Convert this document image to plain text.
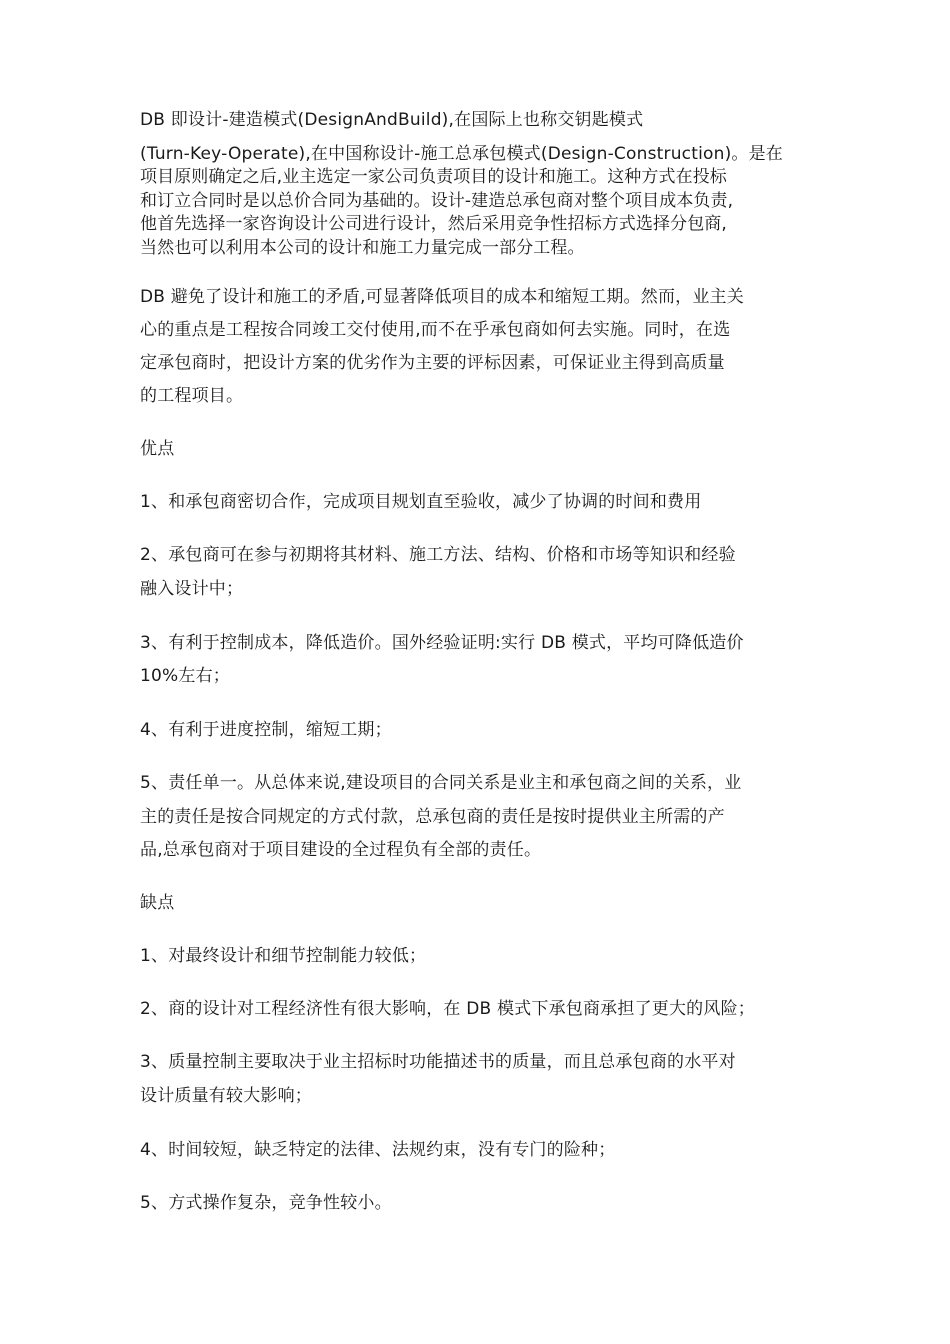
DB 即设计-建造模式(DesignAndBuild),在国际上也称交钥匙模式

(Turn-Key-Operate),在中国称设计-施工总承包模式(Design-Construction)。是在

项目原则确定之后,业主选定一家公司负责项目的设计和施工。这种方式在投标

和订立合同时是以总价合同为基础的。设计-建造总承包商对整个项目成本负责,

他首先选择一家咨询设计公司进行设计，然后采用竞争性招标方式选择分包商,

当然也可以利用本公司的设计和施工力量完成一部分工程。

DB 避免了设计和施工的矛盾,可显著降低项目的成本和缩短工期。然而，业主关

心的重点是工程按合同竣工交付使用,而不在乎承包商如何去实施。同时，在选

定承包商时，把设计方案的优劣作为主要的评标因素，可保证业主得到高质量

的工程项目。

优点

1、和承包商密切合作，完成项目规划直至验收，减少了协调的时间和费用

2、承包商可在参与初期将其材料、施工方法、结构、价格和市场等知识和经验

融入设计中；

3、有利于控制成本，降低造价。国外经验证明:实行 DB 模式，平均可降低造价

10%左右；

4、有利于进度控制，缩短工期；

5、责任单一。从总体来说,建设项目的合同关系是业主和承包商之间的关系，业

主的责任是按合同规定的方式付款，总承包商的责任是按时提供业主所需的产

品,总承包商对于项目建设的全过程负有全部的责任。

缺点

1、对最终设计和细节控制能力较低；

2、商的设计对工程经济性有很大影响，在 DB 模式下承包商承担了更大的风险；

3、质量控制主要取决于业主招标时功能描述书的质量，而且总承包商的水平对

设计质量有较大影响；

4、时间较短，缺乏特定的法律、法规约束，没有专门的险种；

5、方式操作复杂，竞争性较小。
